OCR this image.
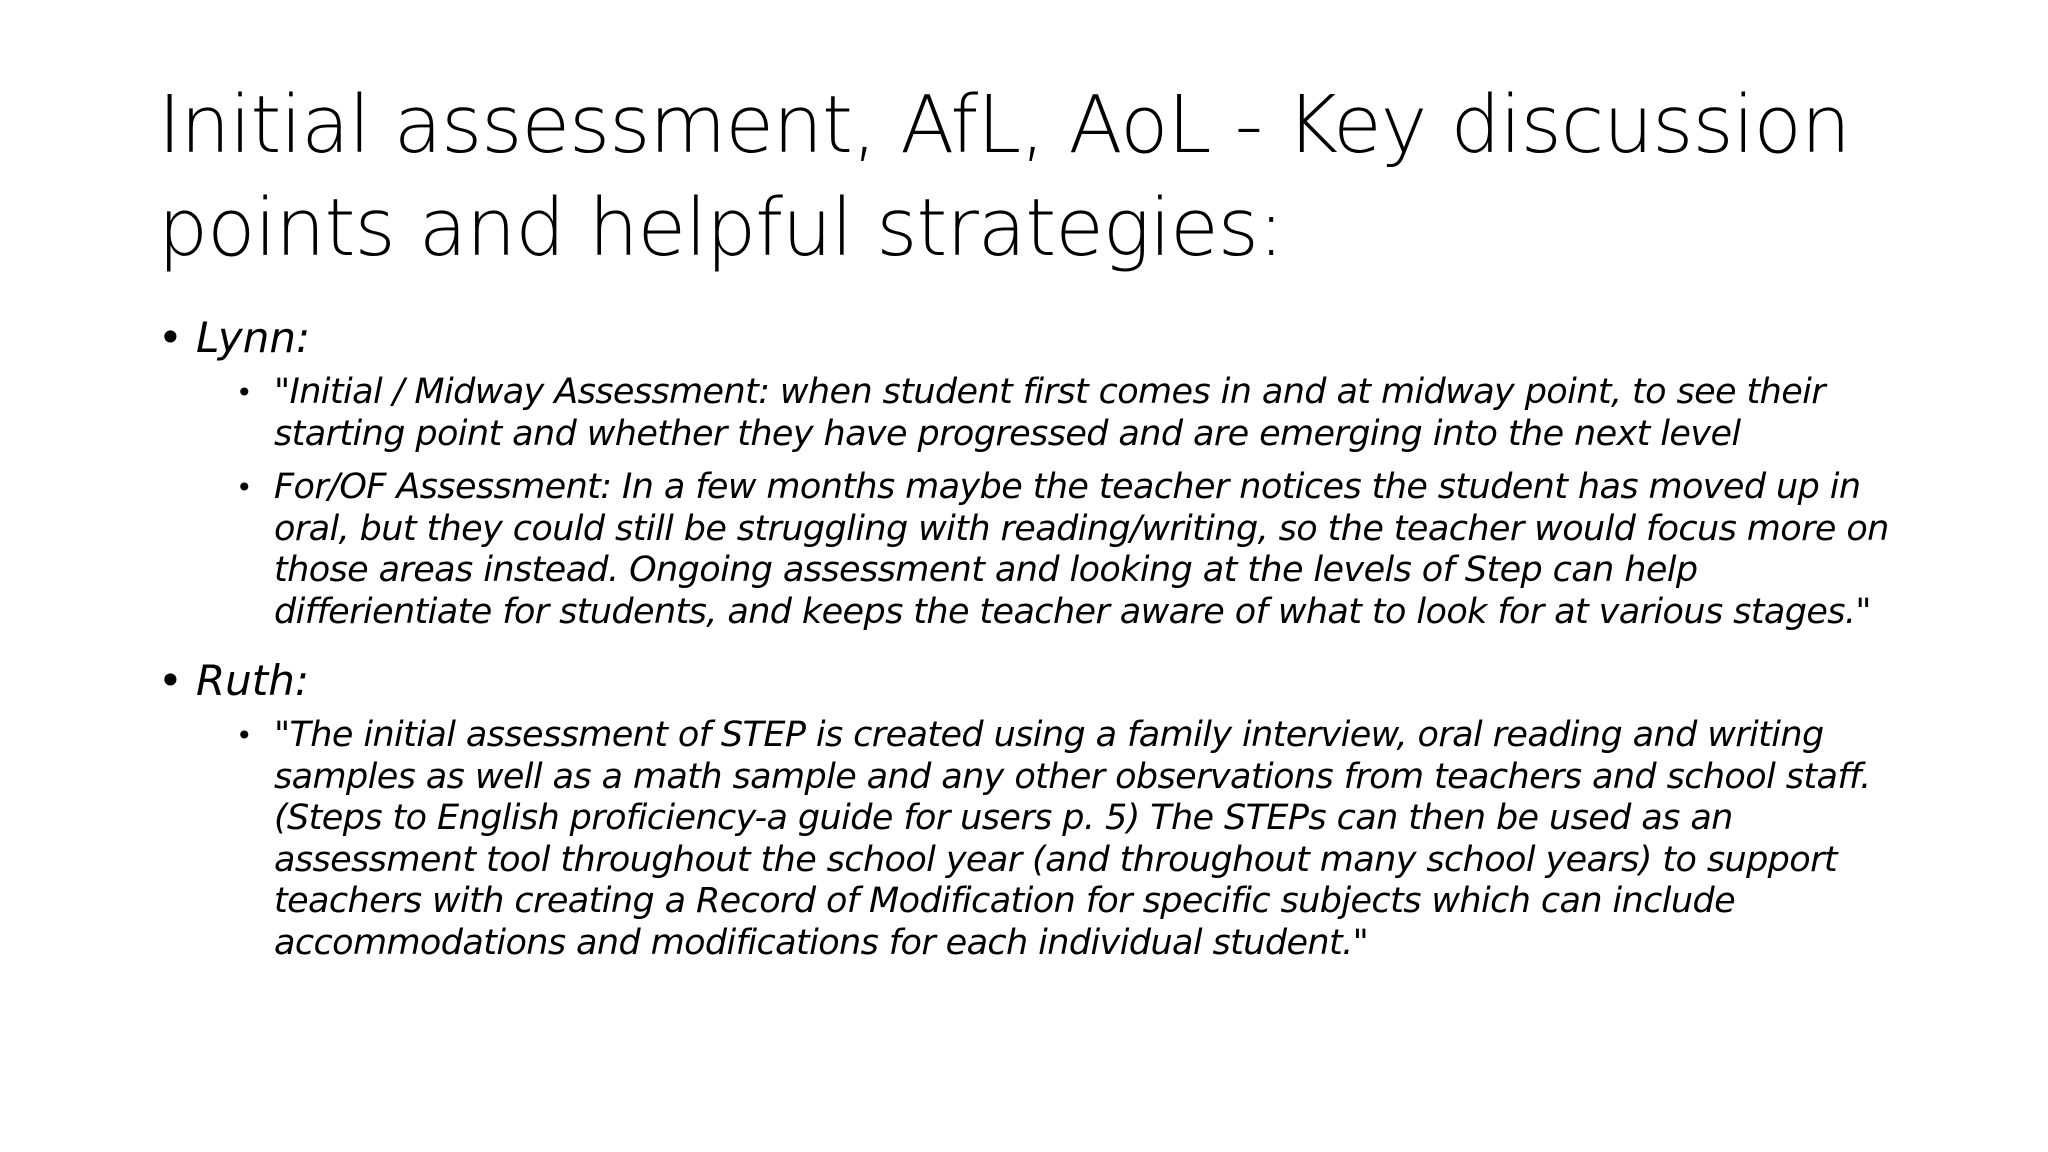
Initial assessment, AfL, AoL - Key discussion
points and helpful strategies:
• Lynn:
• "Initial / Midway Assessment: when student first comes in and at midway point, to see their starting point and whether they have progressed and are emerging into the next level
• For/OF Assessment: In a few months maybe the teacher notices the student has moved up in oral, but they could still be struggling with reading/writing, so the teacher would focus more on those areas instead. Ongoing assessment and looking at the levels of Step can help differientiate for students, and keeps the teacher aware of what to look for at various stages."
• Ruth:
• "The initial assessment of STEP is created using a family interview, oral reading and writing samples as well as a math sample and any other observations from teachers and school staff. (Steps to English proficiency-a guide for users p. 5) The STEPs can then be used as an assessment tool throughout the school year (and throughout many school years) to support teachers with creating a Record of Modification for specific subjects which can include accommodations and modifications for each individual student."
